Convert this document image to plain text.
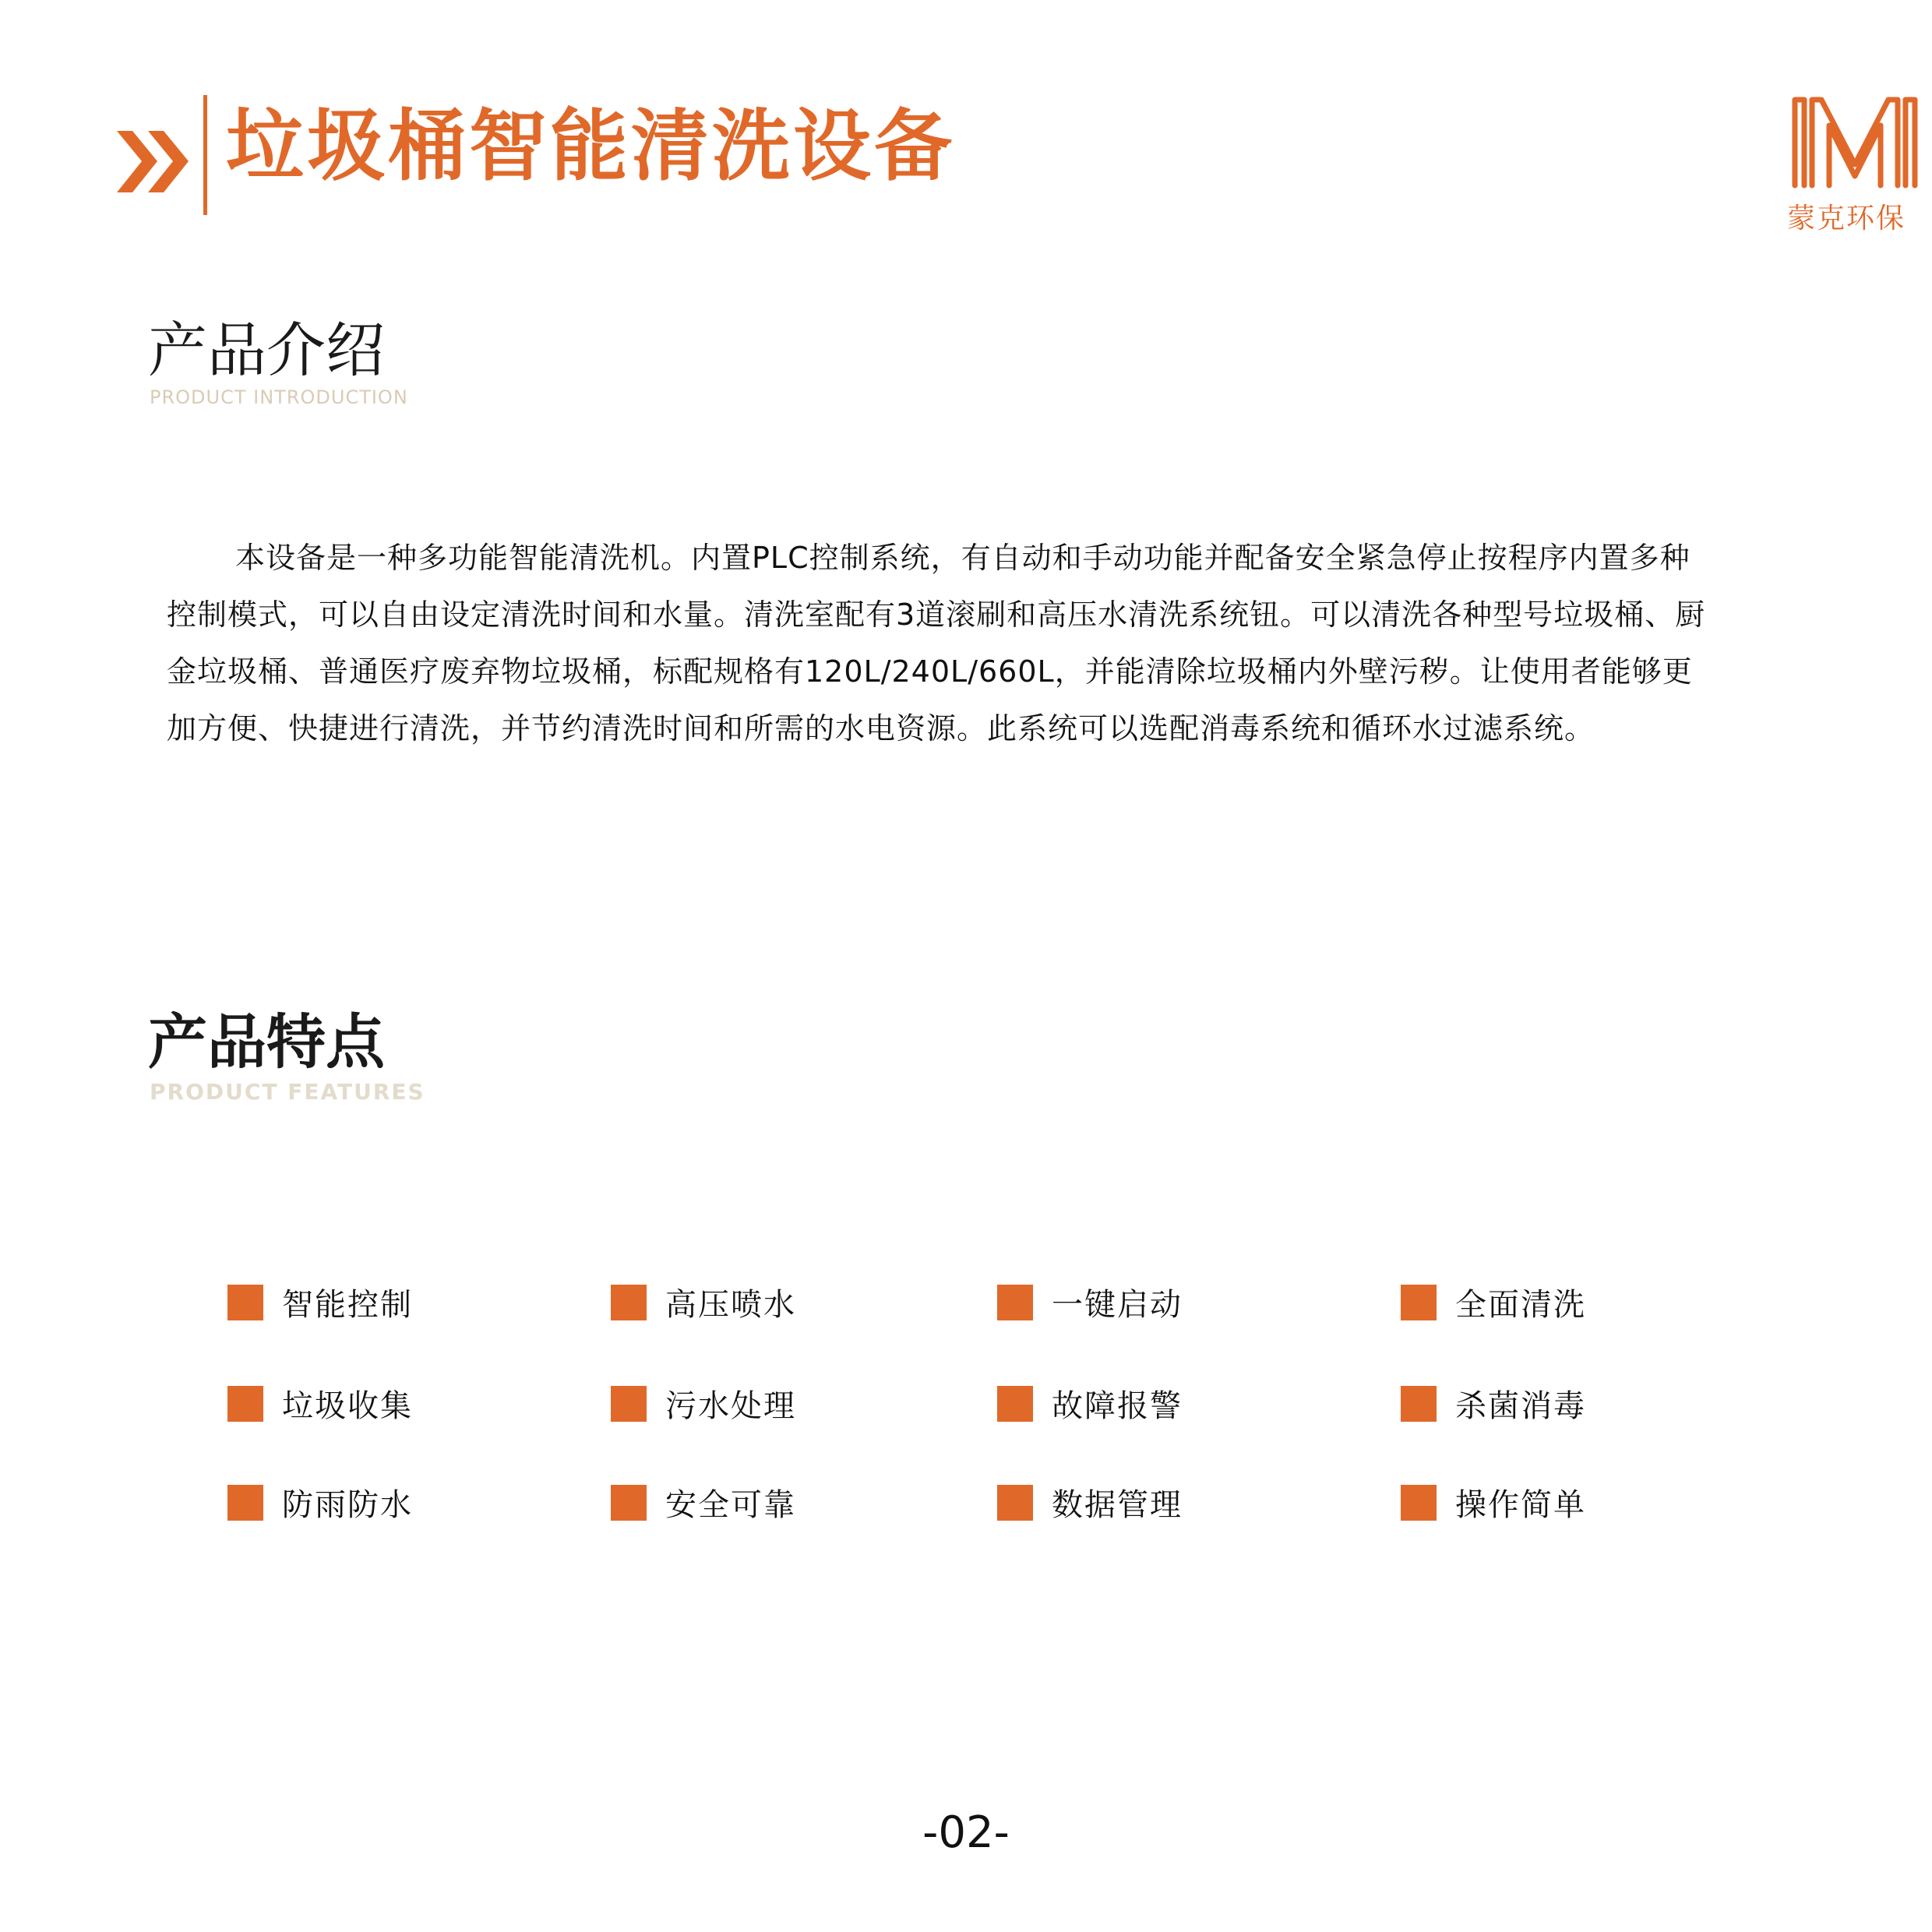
垃圾桶智能清洗设备
蒙克环保
产品介绍
PRODUCT INTRODUCTION
本设备是一种多功能智能清洗机。内置PLC控制系统，有自动和手动功能并配备安全紧急停止按程序内置多种控制模式，可以自由设定清洗时间和水量。清洗室配有3道滚刷和高压水清洗系统钮。可以清洗各种型号垃圾桶、厨金垃圾桶、普通医疗废弃物垃圾桶，标配规格有120L/240L/660L，并能清除垃圾桶内外壁污秽。让使用者能够更加方便、快捷进行清洗，并节约清洗时间和所需的水电资源。此系统可以选配消毒系统和循环水过滤系统。
产品特点
PRODUCT FEATURES
智能控制	高压喷水	一键启动	全面清洗
垃圾收集	污水处理	故障报警	杀菌消毒
防雨防水	安全可靠	数据管理	操作简单
-02-
